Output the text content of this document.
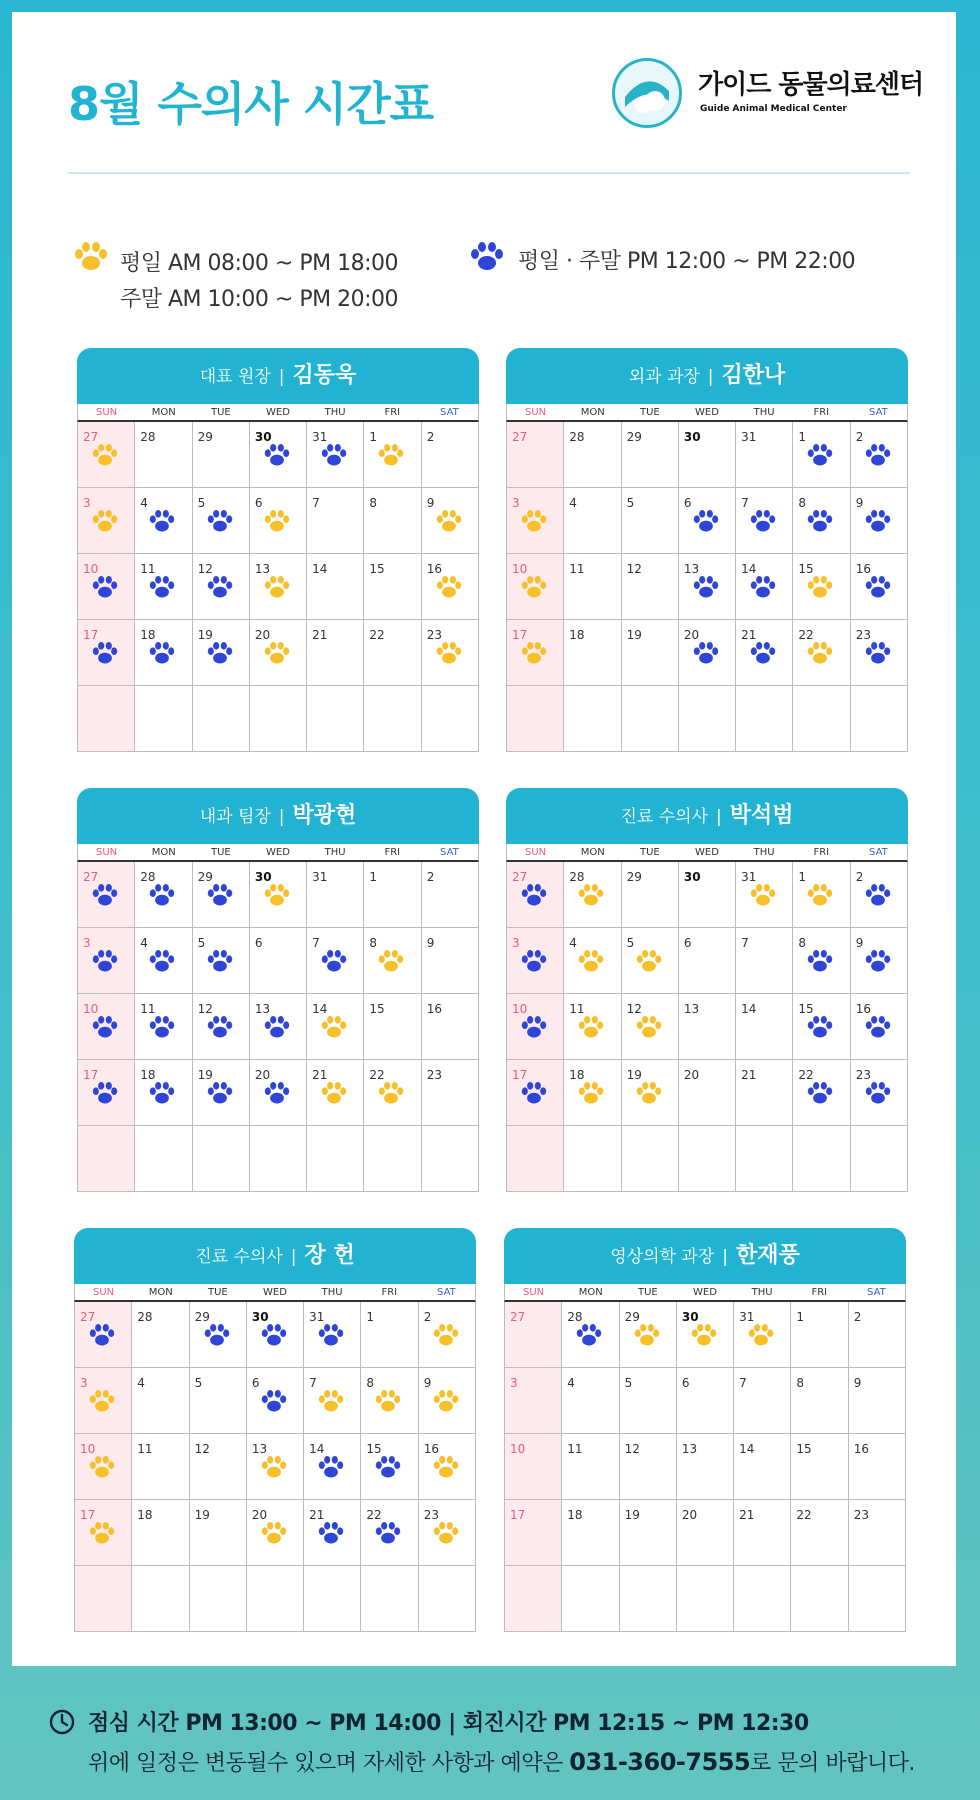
8월 수의사 시간표	가이드 동물의료센터
Guide Animal Medical Center
평일 AM 08:00 ~ PM 18:00
주말 AM 10:00 ~ PM 20:00
평일 · 주말 PM 12:00 ~ PM 22:00
대표 원장 | 김동욱
SUN	MON	TUE	WED	THU	FRI	SAT
27	28	29	30	31	1	2
3	4	5	6	7	8	9
10	11	12	13	14	15	16
17	18	19	20	21	22	23
외과 과장 | 김한나
SUN	MON	TUE	WED	THU	FRI	SAT
27	28	29	30	31	1	2
3	4	5	6	7	8	9
10	11	12	13	14	15	16
17	18	19	20	21	22	23
내과 팀장 | 박광현
SUN	MON	TUE	WED	THU	FRI	SAT
27	28	29	30	31	1	2
3	4	5	6	7	8	9
10	11	12	13	14	15	16
17	18	19	20	21	22	23
진료 수의사 | 박석범
SUN	MON	TUE	WED	THU	FRI	SAT
27	28	29	30	31	1	2
3	4	5	6	7	8	9
10	11	12	13	14	15	16
17	18	19	20	21	22	23
진료 수의사 | 장 헌
SUN	MON	TUE	WED	THU	FRI	SAT
27	28	29	30	31	1	2
3	4	5	6	7	8	9
10	11	12	13	14	15	16
17	18	19	20	21	22	23
영상의학 과장 | 한재풍
SUN	MON	TUE	WED	THU	FRI	SAT
27	28	29	30	31	1	2
3	4	5	6	7	8	9
10	11	12	13	14	15	16
17	18	19	20	21	22	23
점심 시간 PM 13:00 ~ PM 14:00 | 회진시간 PM 12:15 ~ PM 12:30
위에 일정은 변동될수 있으며 자세한 사항과 예약은 031-360-7555로 문의 바랍니다.
